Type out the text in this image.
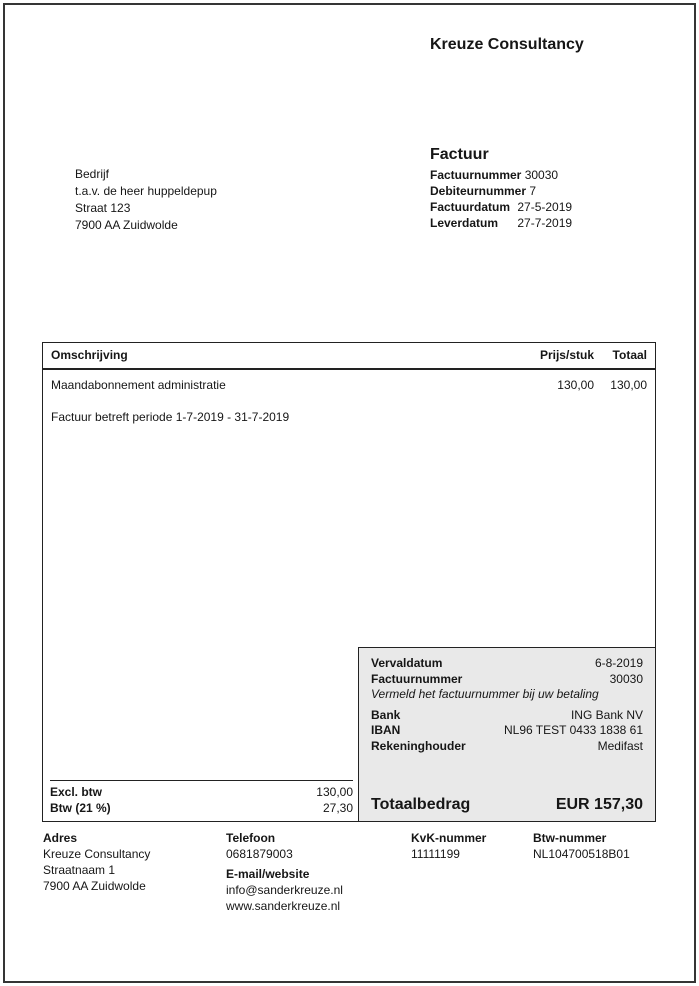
Kreuze Consultancy
Bedrijf
t.a.v. de heer huppeldepup
Straat 123
7900 AA Zuidwolde
Factuur
Factuurnummer 30030
Debiteurnummer 7
Factuurdatum 27-5-2019
Leverdatum 27-7-2019
Omschrijving	Prijs/stuk	Totaal
Maandabonnement administratie	130,00	130,00
Factuur betreft periode 1-7-2019 - 31-7-2019
Excl. btw	130,00
Btw (21 %)	27,30
Vervaldatum	6-8-2019
Factuurnummer	30030
Vermeld het factuurnummer bij uw betaling
Bank	ING Bank NV
IBAN	NL96 TEST 0433 1838 61
Rekeninghouder	Medifast
Totaalbedrag	EUR 157,30
Adres
Kreuze Consultancy
Straatnaam 1
7900 AA Zuidwolde
Telefoon
0681879003
E-mail/website
info@sanderkreuze.nl
www.sanderkreuze.nl
KvK-nummer
11111199
Btw-nummer
NL104700518B01
